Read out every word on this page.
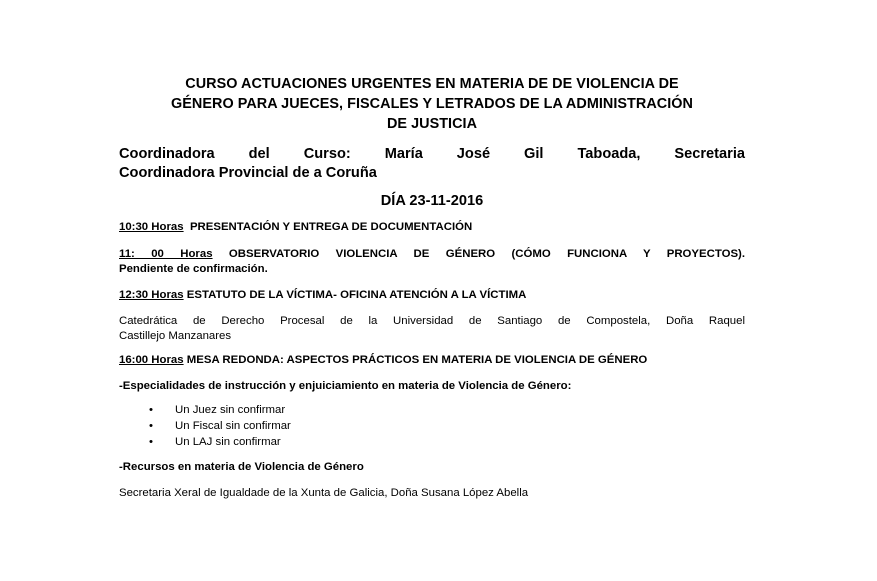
CURSO ACTUACIONES URGENTES EN MATERIA DE DE VIOLENCIA DE
GÉNERO PARA JUECES, FISCALES Y LETRADOS DE LA ADMINISTRACIÓN
DE JUSTICIA
Coordinadora del Curso: María José Gil Taboada, Secretaria
Coordinadora Provincial de a Coruña
DÍA 23-11-2016
10:30 Horas PRESENTACIÓN Y ENTREGA DE DOCUMENTACIÓN
11: 00 Horas OBSERVATORIO VIOLENCIA DE GÉNERO (CÓMO FUNCIONA Y PROYECTOS).
Pendiente de confirmación.
12:30 Horas ESTATUTO DE LA VÍCTIMA- OFICINA ATENCIÓN A LA VÍCTIMA
Catedrática de Derecho Procesal de la Universidad de Santiago de Compostela, Doña Raquel
Castillejo Manzanares
16:00 Horas MESA REDONDA: ASPECTOS PRÁCTICOS EN MATERIA DE VIOLENCIA DE GÉNERO
-Especialidades de instrucción y enjuiciamiento en materia de Violencia de Género:
• Un Juez sin confirmar
• Un Fiscal sin confirmar
• Un LAJ sin confirmar
-Recursos en materia de Violencia de Género
Secretaria Xeral de Igualdade de la Xunta de Galicia, Doña Susana López Abella
